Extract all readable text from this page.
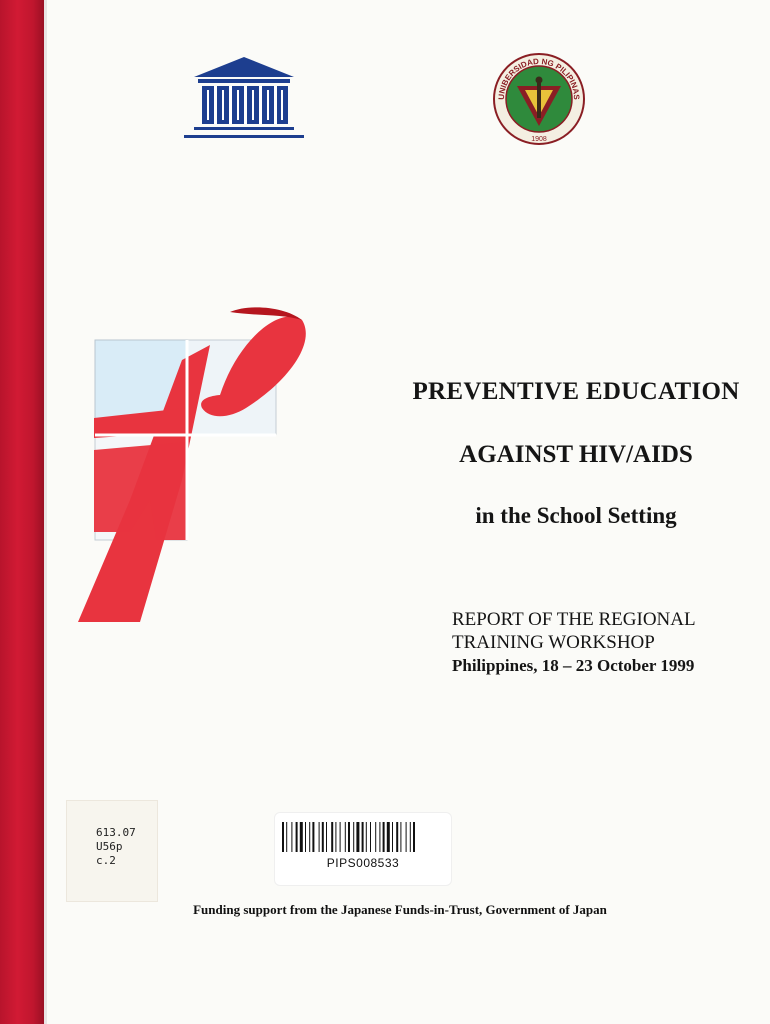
UNIBERSIDAD NG PILIPINAS
1908
PREVENTIVE EDUCATION
AGAINST HIV/AIDS
in the School Setting
REPORT OF THE REGIONAL
TRAINING WORKSHOP
Philippines, 18 – 23 October 1999
613.07
U56p
c.2	PIPS008533
Funding support from the Japanese Funds-in-Trust, Government of Japan
